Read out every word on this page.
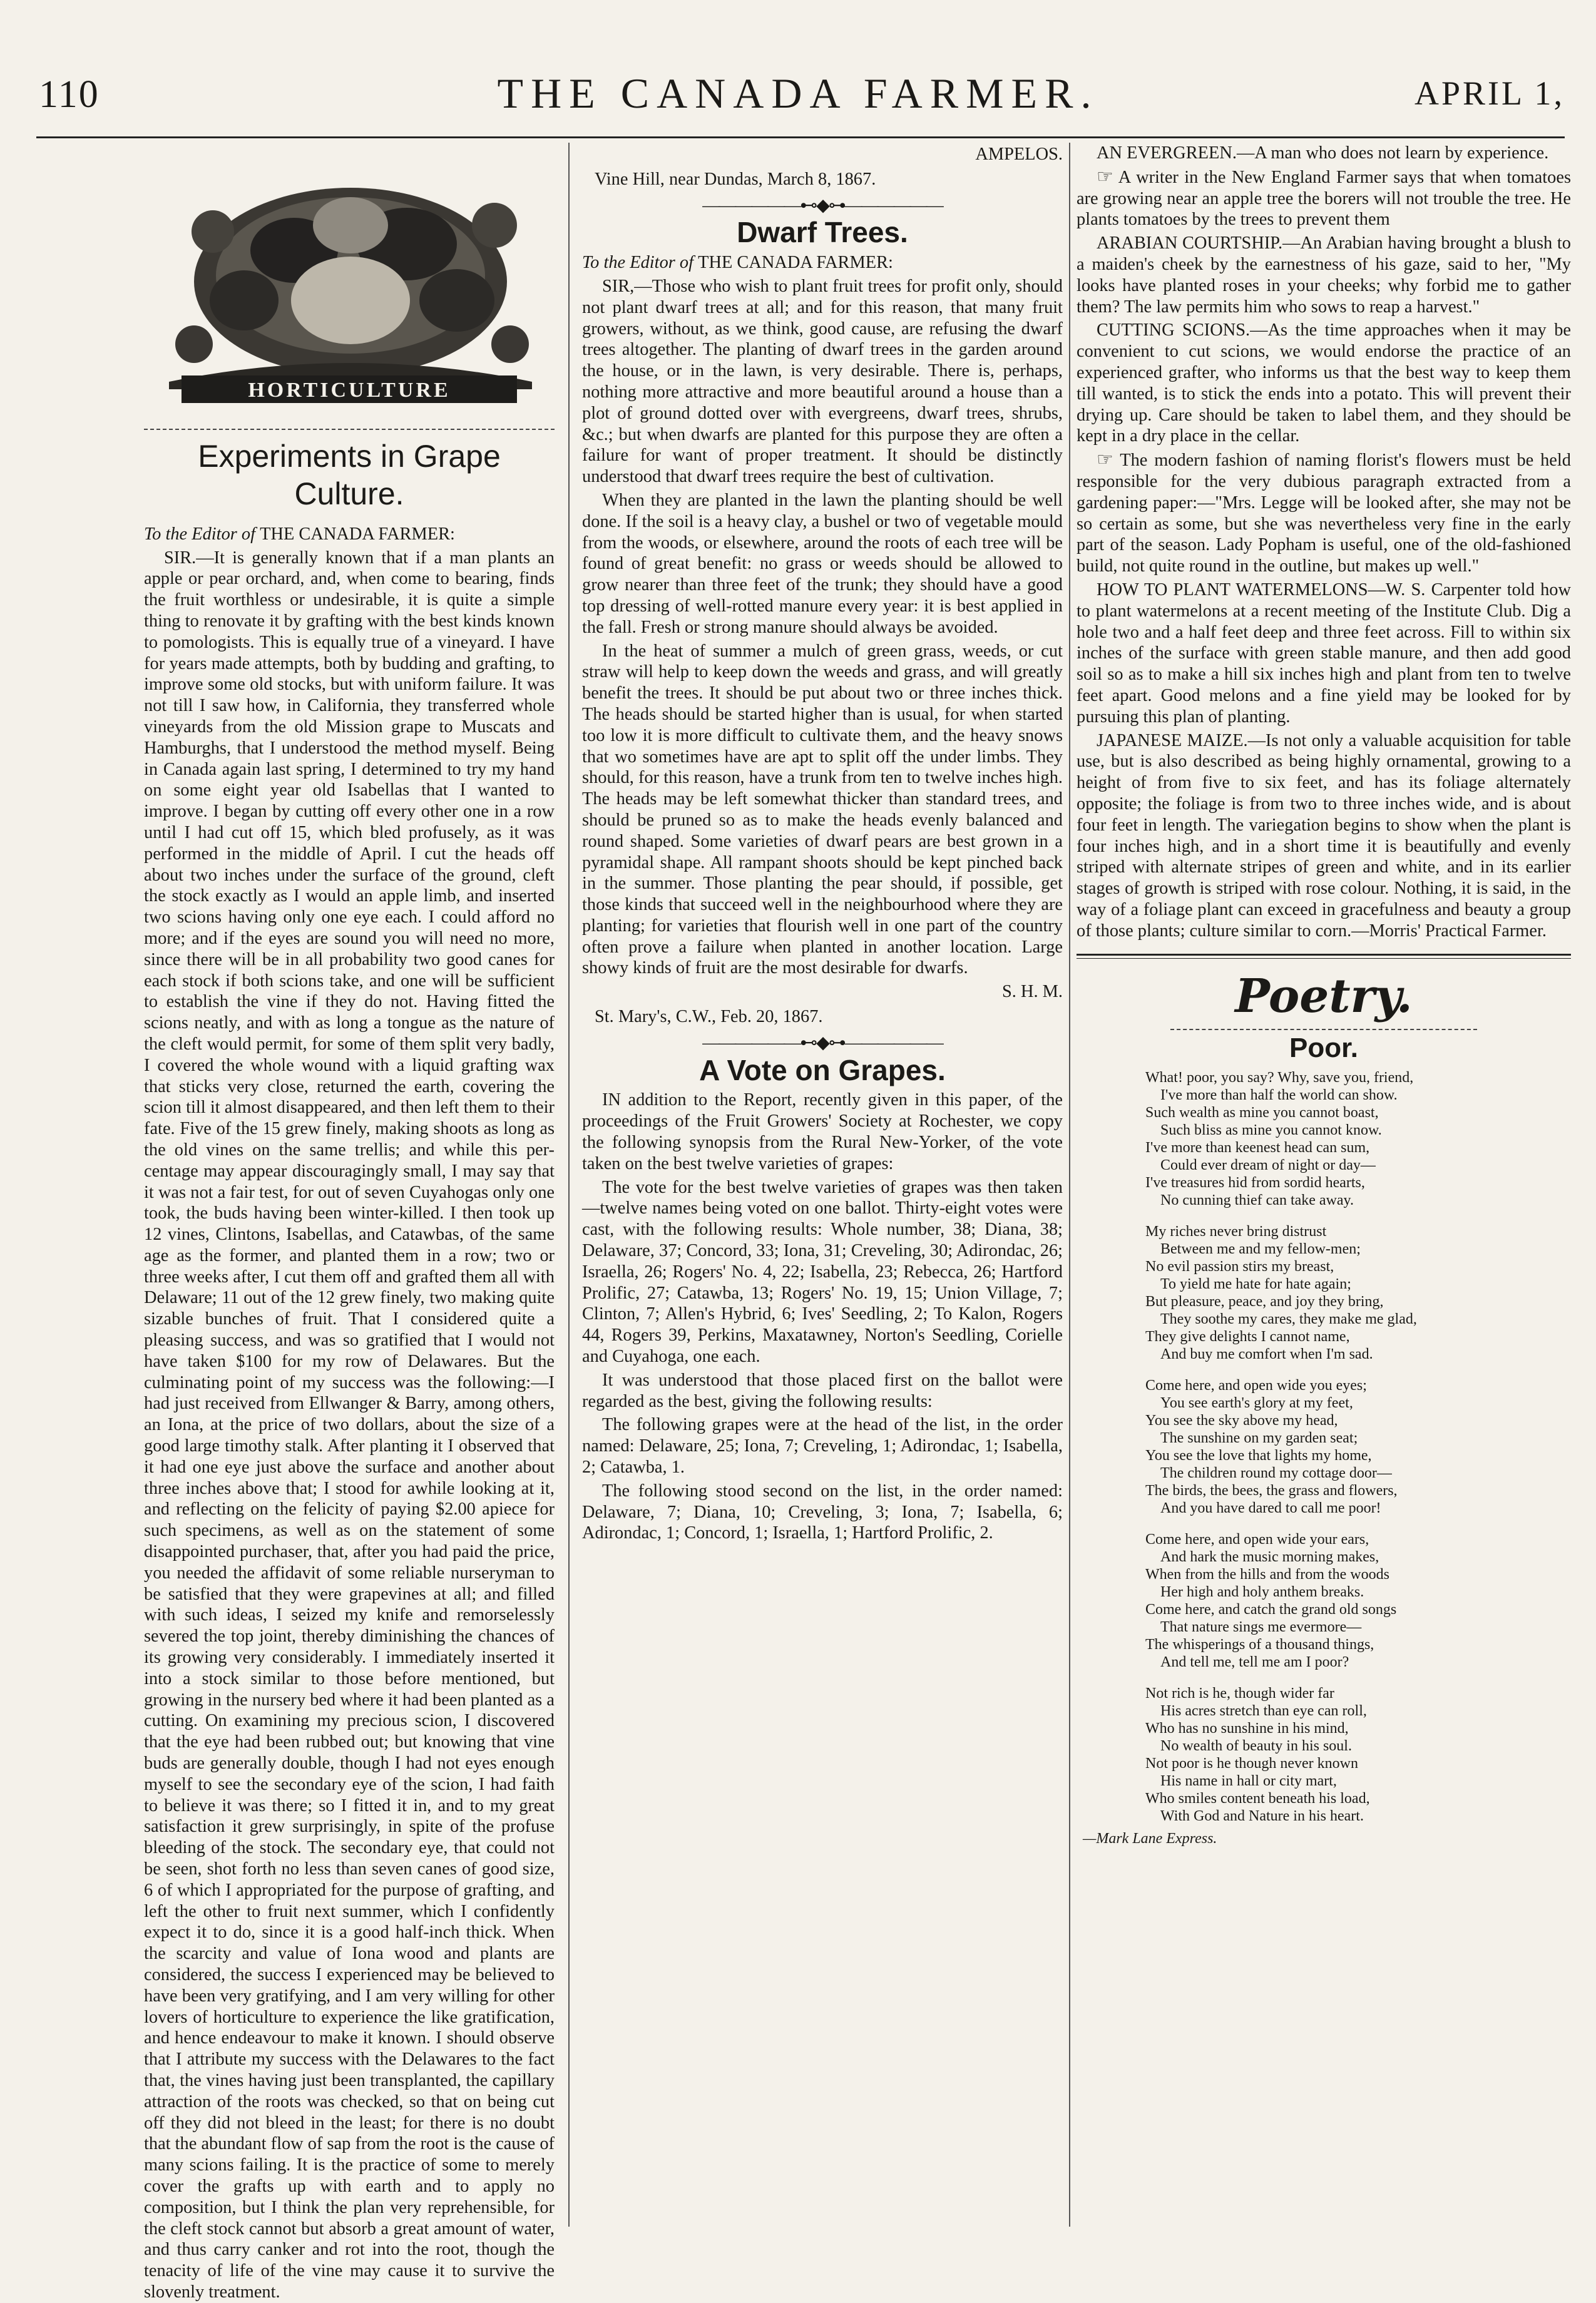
110	THE CANADA FARMER.	APRIL 1,
HORTICULTURE
Experiments in Grape Culture.

To the Editor of THE CANADA FARMER:

SIR.—It is generally known that if a man plants an apple or pear orchard, and, when come to bearing, finds the fruit worthless or undesirable, it is quite a simple thing to renovate it by grafting with the best kinds known to pomologists. This is equally true of a vineyard. I have for years made attempts, both by budding and grafting, to improve some old stocks, but with uniform failure. It was not till I saw how, in California, they transferred whole vineyards from the old Mission grape to Muscats and Hamburghs, that I understood the method myself. Being in Canada again last spring, I determined to try my hand on some eight year old Isabellas that I wanted to improve. I began by cutting off every other one in a row until I had cut off 15, which bled profusely, as it was performed in the middle of April. I cut the heads off about two inches under the surface of the ground, cleft the stock exactly as I would an apple limb, and inserted two scions having only one eye each. I could afford no more; and if the eyes are sound you will need no more, since there will be in all probability two good canes for each stock if both scions take, and one will be sufficient to establish the vine if they do not. Having fitted the scions neatly, and with as long a tongue as the nature of the cleft would permit, for some of them split very badly, I covered the whole wound with a liquid grafting wax that sticks very close, returned the earth, covering the scion till it almost disappeared, and then left them to their fate. Five of the 15 grew finely, making shoots as long as the old vines on the same trellis; and while this per-centage may appear discouragingly small, I may say that it was not a fair test, for out of seven Cuyahogas only one took, the buds having been winter-killed. I then took up 12 vines, Clintons, Isabellas, and Catawbas, of the same age as the former, and planted them in a row; two or three weeks after, I cut them off and grafted them all with Delaware; 11 out of the 12 grew finely, two making quite sizable bunches of fruit. That I considered quite a pleasing success, and was so gratified that I would not have taken $100 for my row of Delawares. But the culminating point of my success was the following:—I had just received from Ellwanger & Barry, among others, an Iona, at the price of two dollars, about the size of a good large timothy stalk. After planting it I observed that it had one eye just above the surface and another about three inches above that; I stood for awhile looking at it, and reflecting on the felicity of paying $2.00 apiece for such specimens, as well as on the statement of some disappointed purchaser, that, after you had paid the price, you needed the affidavit of some reliable nurseryman to be satisfied that they were grapevines at all; and filled with such ideas, I seized my knife and remorselessly severed the top joint, thereby diminishing the chances of its growing very considerably. I immediately inserted it into a stock similar to those before mentioned, but growing in the nursery bed where it had been planted as a cutting. On examining my precious scion, I discovered that the eye had been rubbed out; but knowing that vine buds are generally double, though I had not eyes enough myself to see the secondary eye of the scion, I had faith to believe it was there; so I fitted it in, and to my great satisfaction it grew surprisingly, in spite of the profuse bleeding of the stock. The secondary eye, that could not be seen, shot forth no less than seven canes of good size, 6 of which I appropriated for the purpose of grafting, and left the other to fruit next summer, which I confidently expect it to do, since it is a good half-inch thick. When the scarcity and value of Iona wood and plants are considered, the success I experienced may be believed to have been very gratifying, and I am very willing for other lovers of horticulture to experience the like gratification, and hence endeavour to make it known. I should observe that I attribute my success with the Delawares to the fact that, the vines having just been transplanted, the capillary attraction of the roots was checked, so that on being cut off they did not bleed in the least; for there is no doubt that the abundant flow of sap from the root is the cause of many scions failing. It is the practice of some to merely cover the grafts up with earth and to apply no composition, but I think the plan very reprehensible, for the cleft stock cannot but absorb a great amount of water, and thus carry canker and rot into the root, though the tenacity of life of the vine may cause it to survive the slovenly treatment.

AMPELOS.

Vine Hill, near Dundas, March 8, 1867.

——————⊷◆⊶——————
Dwarf Trees.

To the Editor of THE CANADA FARMER:

SIR,—Those who wish to plant fruit trees for profit only, should not plant dwarf trees at all; and for this reason, that many fruit growers, without, as we think, good cause, are refusing the dwarf trees altogether. The planting of dwarf trees in the garden around the house, or in the lawn, is very desirable. There is, perhaps, nothing more attractive and more beautiful around a house than a plot of ground dotted over with evergreens, dwarf trees, shrubs, &c.; but when dwarfs are planted for this purpose they are often a failure for want of proper treatment. It should be distinctly understood that dwarf trees require the best of cultivation.

When they are planted in the lawn the planting should be well done. If the soil is a heavy clay, a bushel or two of vegetable mould from the woods, or elsewhere, around the roots of each tree will be found of great benefit: no grass or weeds should be allowed to grow nearer than three feet of the trunk; they should have a good top dressing of well-rotted manure every year: it is best applied in the fall. Fresh or strong manure should always be avoided.

In the heat of summer a mulch of green grass, weeds, or cut straw will help to keep down the weeds and grass, and will greatly benefit the trees. It should be put about two or three inches thick. The heads should be started higher than is usual, for when started too low it is more difficult to cultivate them, and the heavy snows that wo sometimes have are apt to split off the under limbs. They should, for this reason, have a trunk from ten to twelve inches high. The heads may be left somewhat thicker than standard trees, and should be pruned so as to make the heads evenly balanced and round shaped. Some varieties of dwarf pears are best grown in a pyramidal shape. All rampant shoots should be kept pinched back in the summer. Those planting the pear should, if possible, get those kinds that succeed well in the neighbourhood where they are planting; for varieties that flourish well in one part of the country often prove a failure when planted in another location. Large showy kinds of fruit are the most desirable for dwarfs.

S. H. M.

St. Mary's, C.W., Feb. 20, 1867.

——————⊷◆⊶——————
A Vote on Grapes.

IN addition to the Report, recently given in this paper, of the proceedings of the Fruit Growers' Society at Rochester, we copy the following synopsis from the Rural New-Yorker, of the vote taken on the best twelve varieties of grapes:

The vote for the best twelve varieties of grapes was then taken—twelve names being voted on one ballot. Thirty-eight votes were cast, with the following results: Whole number, 38; Diana, 38; Delaware, 37; Concord, 33; Iona, 31; Creveling, 30; Adirondac, 26; Israella, 26; Rogers' No. 4, 22; Isabella, 23; Rebecca, 26; Hartford Prolific, 27; Catawba, 13; Rogers' No. 19, 15; Union Village, 7; Clinton, 7; Allen's Hybrid, 6; Ives' Seedling, 2; To Kalon, Rogers 44, Rogers 39, Perkins, Maxatawney, Norton's Seedling, Corielle and Cuyahoga, one each.

It was understood that those placed first on the ballot were regarded as the best, giving the following results:

The following grapes were at the head of the list, in the order named: Delaware, 25; Iona, 7; Creveling, 1; Adirondac, 1; Isabella, 2; Catawba, 1.

The following stood second on the list, in the order named: Delaware, 7; Diana, 10; Creveling, 3; Iona, 7; Isabella, 6; Adirondac, 1; Concord, 1; Israella, 1; Hartford Prolific, 2.

AN EVERGREEN.—A man who does not learn by experience.

☞ A writer in the New England Farmer says that when tomatoes are growing near an apple tree the borers will not trouble the tree. He plants tomatoes by the trees to prevent them

ARABIAN COURTSHIP.—An Arabian having brought a blush to a maiden's cheek by the earnestness of his gaze, said to her, "My looks have planted roses in your cheeks; why forbid me to gather them? The law permits him who sows to reap a harvest."

CUTTING SCIONS.—As the time approaches when it may be convenient to cut scions, we would endorse the practice of an experienced grafter, who informs us that the best way to keep them till wanted, is to stick the ends into a potato. This will prevent their drying up. Care should be taken to label them, and they should be kept in a dry place in the cellar.

☞ The modern fashion of naming florist's flowers must be held responsible for the very dubious paragraph extracted from a gardening paper:—"Mrs. Legge will be looked after, she may not be so certain as some, but she was nevertheless very fine in the early part of the season. Lady Popham is useful, one of the old-fashioned build, not quite round in the outline, but makes up well."

HOW TO PLANT WATERMELONS—W. S. Carpenter told how to plant watermelons at a recent meeting of the Institute Club. Dig a hole two and a half feet deep and three feet across. Fill to within six inches of the surface with green stable manure, and then add good soil so as to make a hill six inches high and plant from ten to twelve feet apart. Good melons and a fine yield may be looked for by pursuing this plan of planting.

JAPANESE MAIZE.—Is not only a valuable acquisition for table use, but is also described as being highly ornamental, growing to a height of from five to six feet, and has its foliage alternately opposite; the foliage is from two to three inches wide, and is about four feet in length. The variegation begins to show when the plant is four inches high, and in a short time it is beautifully and evenly striped with alternate stripes of green and white, and in its earlier stages of growth is striped with rose colour. Nothing, it is said, in the way of a foliage plant can exceed in gracefulness and beauty a group of those plants; culture similar to corn.—Morris' Practical Farmer.

Poetry.
Poor.
What! poor, you say? Why, save you, friend,
I've more than half the world can show.
Such wealth as mine you cannot boast,
Such bliss as mine you cannot know.
I've more than keenest head can sum,
Could ever dream of night or day—
I've treasures hid from sordid hearts,
No cunning thief can take away.
My riches never bring distrust
Between me and my fellow-men;
No evil passion stirs my breast,
To yield me hate for hate again;
But pleasure, peace, and joy they bring,
They soothe my cares, they make me glad,
They give delights I cannot name,
And buy me comfort when I'm sad.
Come here, and open wide you eyes;
You see earth's glory at my feet,
You see the sky above my head,
The sunshine on my garden seat;
You see the love that lights my home,
The children round my cottage door—
The birds, the bees, the grass and flowers,
And you have dared to call me poor!
Come here, and open wide your ears,
And hark the music morning makes,
When from the hills and from the woods
Her high and holy anthem breaks.
Come here, and catch the grand old songs
That nature sings me evermore—
The whisperings of a thousand things,
And tell me, tell me am I poor?
Not rich is he, though wider far
His acres stretch than eye can roll,
Who has no sunshine in his mind,
No wealth of beauty in his soul.
Not poor is he though never known
His name in hall or city mart,
Who smiles content beneath his load,
With God and Nature in his heart.
—Mark Lane Express.
